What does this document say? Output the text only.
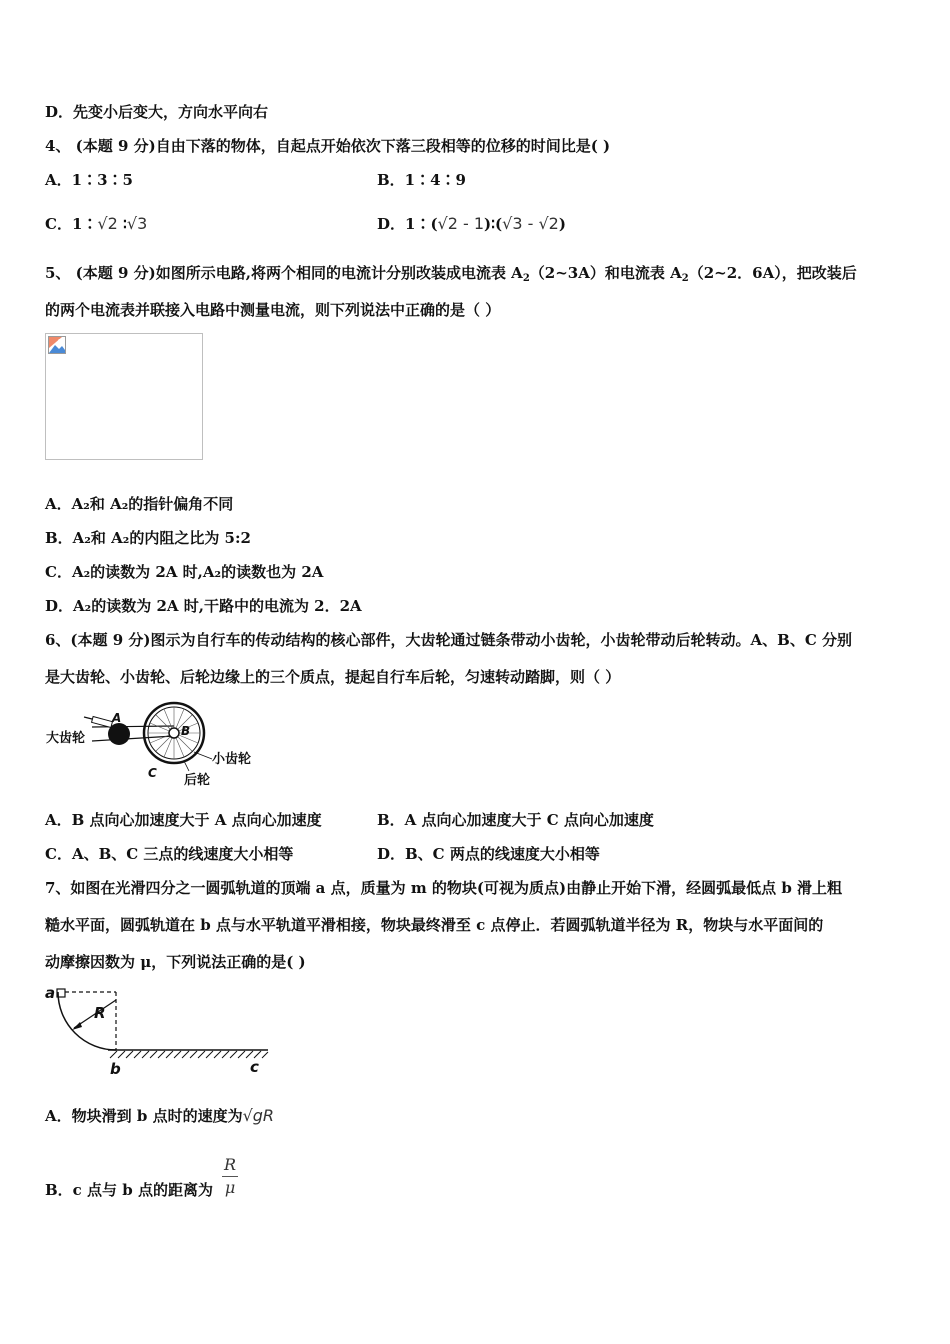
D．先变小后变大，方向水平向右
4、 (本题 9 分)自由下落的物体，自起点开始依次下落三段相等的位移的时间比是( )
A．1∶3∶5	B．1∶4∶9
C．1∶√2 ∶√3	D．1∶(√2 - 1)∶(√3 - √2)
5、 (本题 9 分)如图所示电路,将两个相同的电流计分别改装成电流表 $A_2(2\sim 3A)$和电流表 $A_2(2\sim 2$．6A），把改装后
的两个电流表并联接入电路中测量电流，则下列说法中正确的是（ ）
A．A₂和 A₂的指针偏角不同
B．A₂和 A₂的内阻之比为 5:2
C．A₂的读数为 2A 时,A₂的读数也为 2A
D．A₂的读数为 2A 时,干路中的电流为 2．2A
6、(本题 9 分)图示为自行车的传动结构的核心部件，大齿轮通过链条带动小齿轮，小齿轮带动后轮转动。A、B、C 分别
是大齿轮、小齿轮、后轮边缘上的三个质点，提起自行车后轮，匀速转动踏脚，则（ ）
大齿轮
A
B
C
小齿轮
后轮
A．B 点向心加速度大于 A 点向心加速度	B．A 点向心加速度大于 C 点向心加速度
C．A、B、C 三点的线速度大小相等	D．B、C 两点的线速度大小相等
7、如图在光滑四分之一圆弧轨道的顶端 a 点，质量为 m 的物块(可视为质点)由静止开始下滑，经圆弧最低点 b 滑上粗
糙水平面，圆弧轨道在 b 点与水平轨道平滑相接，物块最终滑至 c 点停止．若圆弧轨道半径为 R，物块与水平面间的
动摩擦因数为 μ，下列说法正确的是( )
a
R
b	c
A．物块滑到 b 点时的速度为√gR
B．c 点与 b 点的距离为 $\frac{R}{\mu}$
